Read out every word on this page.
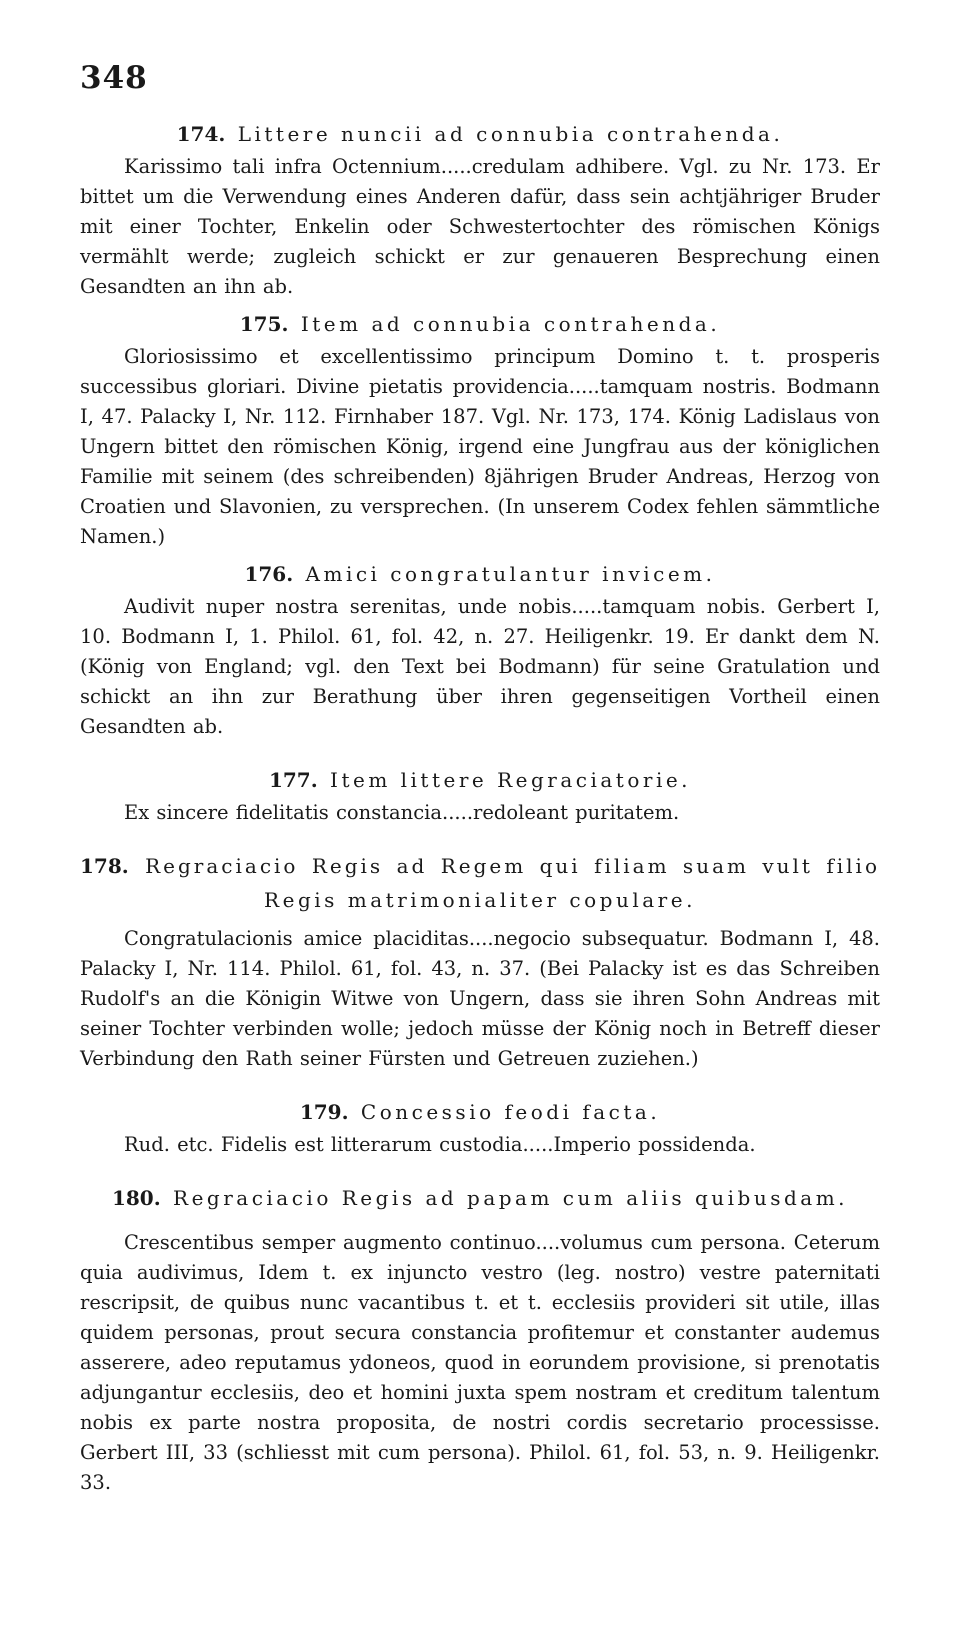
348
174. Littere nuncii ad connubia contrahenda.

Karissimo tali infra Octennium.....credulam adhibere. Vgl. zu Nr. 173. Er bittet um die Verwendung eines Anderen dafür, dass sein achtjähriger Bruder mit einer Tochter, Enkelin oder Schwestertochter des römischen Königs vermählt werde; zugleich schickt er zur genaueren Besprechung einen Gesandten an ihn ab.

175. Item ad connubia contrahenda.

Gloriosissimo et excellentissimo principum Domino t. t. prosperis successibus gloriari. Divine pietatis providencia.....tamquam nostris. Bodmann I, 47. Palacky I, Nr. 112. Firnhaber 187. Vgl. Nr. 173, 174. König Ladislaus von Ungern bittet den römischen König, irgend eine Jungfrau aus der königlichen Familie mit seinem (des schreibenden) 8jährigen Bruder Andreas, Herzog von Croatien und Slavonien, zu versprechen. (In unserem Codex fehlen sämmtliche Namen.)

176. Amici congratulantur invicem.

Audivit nuper nostra serenitas, unde nobis.....tamquam nobis. Gerbert I, 10. Bodmann I, 1. Philol. 61, fol. 42, n. 27. Heiligenkr. 19. Er dankt dem N. (König von England; vgl. den Text bei Bodmann) für seine Gratulation und schickt an ihn zur Berathung über ihren gegenseitigen Vortheil einen Gesandten ab.

177. Item littere Regraciatorie.

Ex sincere fidelitatis constancia.....redoleant puritatem.

178. Regraciacio Regis ad Regem qui filiam suam vult filio
Regis matrimonialiter copulare.

Congratulacionis amice placiditas....negocio subsequatur. Bodmann I, 48. Palacky I, Nr. 114. Philol. 61, fol. 43, n. 37. (Bei Palacky ist es das Schreiben Rudolf's an die Königin Witwe von Ungern, dass sie ihren Sohn Andreas mit seiner Tochter verbinden wolle; jedoch müsse der König noch in Betreff dieser Verbindung den Rath seiner Fürsten und Getreuen zuziehen.)

179. Concessio feodi facta.

Rud. etc. Fidelis est litterarum custodia.....Imperio possidenda.

180. Regraciacio Regis ad papam cum aliis quibusdam.

Crescentibus semper augmento continuo....volumus cum persona. Ceterum quia audivimus, Idem t. ex injuncto vestro (leg. nostro) vestre paternitati rescripsit, de quibus nunc vacantibus t. et t. ecclesiis provideri sit utile, illas quidem personas, prout secura constancia profitemur et constanter audemus asserere, adeo reputamus ydoneos, quod in eorundem provisione, si prenotatis adjungantur ecclesiis, deo et homini juxta spem nostram et creditum talentum nobis ex parte nostra proposita, de nostri cordis secretario processisse. Gerbert III, 33 (schliesst mit cum persona). Philol. 61, fol. 53, n. 9. Heiligenkr. 33.
